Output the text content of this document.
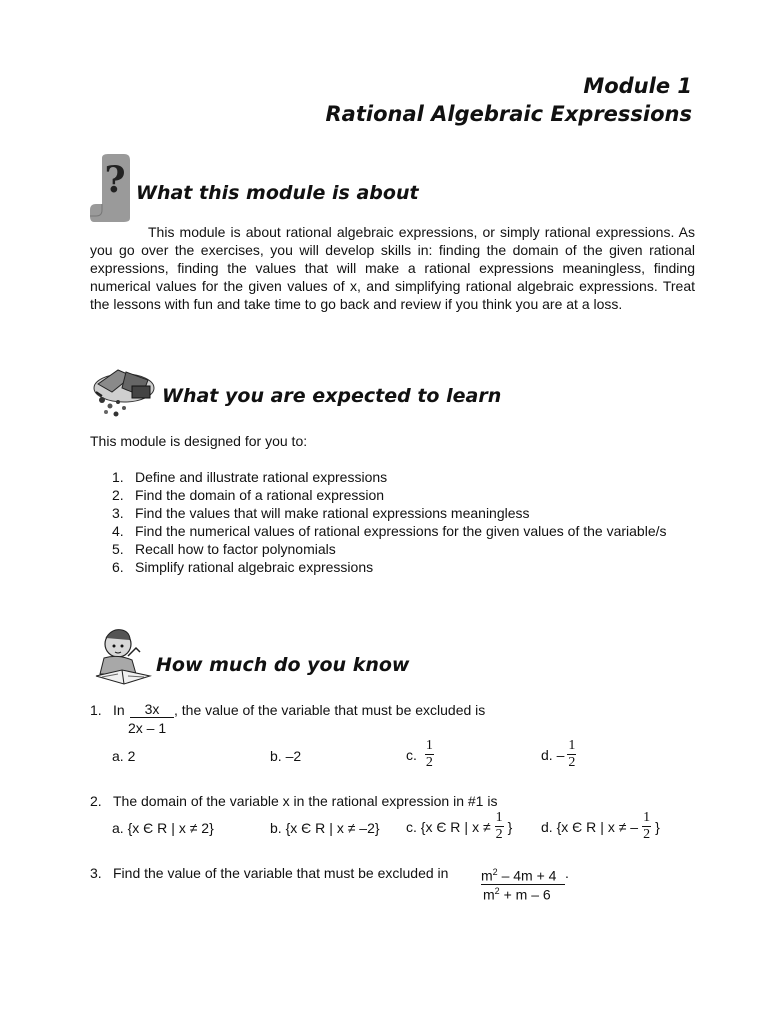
Module 1
Rational Algebraic Expressions
? What this module is about
This module is about rational algebraic expressions, or simply rational expressions. As you go over the exercises, you will develop skills in: finding the domain of the given rational expressions, finding the values that will make a rational expressions meaningless, finding numerical values for the given values of x, and simplifying rational algebraic expressions. Treat the lessons with fun and take time to go back and review if you think you are at a loss.
What you are expected to learn
This module is designed for you to:
1. Define and illustrate rational expressions
2. Find the domain of a rational expression
3. Find the values that will make rational expressions meaningless
4. Find the numerical values of rational expressions for the given values of the variable/s
5. Recall how to factor polynomials
6. Simplify rational algebraic expressions
How much do you know
1. In	3x	, the value of the variable that must be excluded is
2x – 1
a. 2	b. –2	c. $\frac{1}{2}$	d. – $\frac{1}{2}$
2. The domain of the variable x in the rational expression in #1 is
a. {x Є R | x ≠ 2}	b. {x Є R | x ≠ –2} c. {x Є R | $x \ne \frac{1}{2}$ } d. {x Є R | x ≠ – $\frac{1}{2}$ }
3. Find the value of the variable that must be excluded in $m^2 - 4m + 4$ .
$m^2 + m - 6$
